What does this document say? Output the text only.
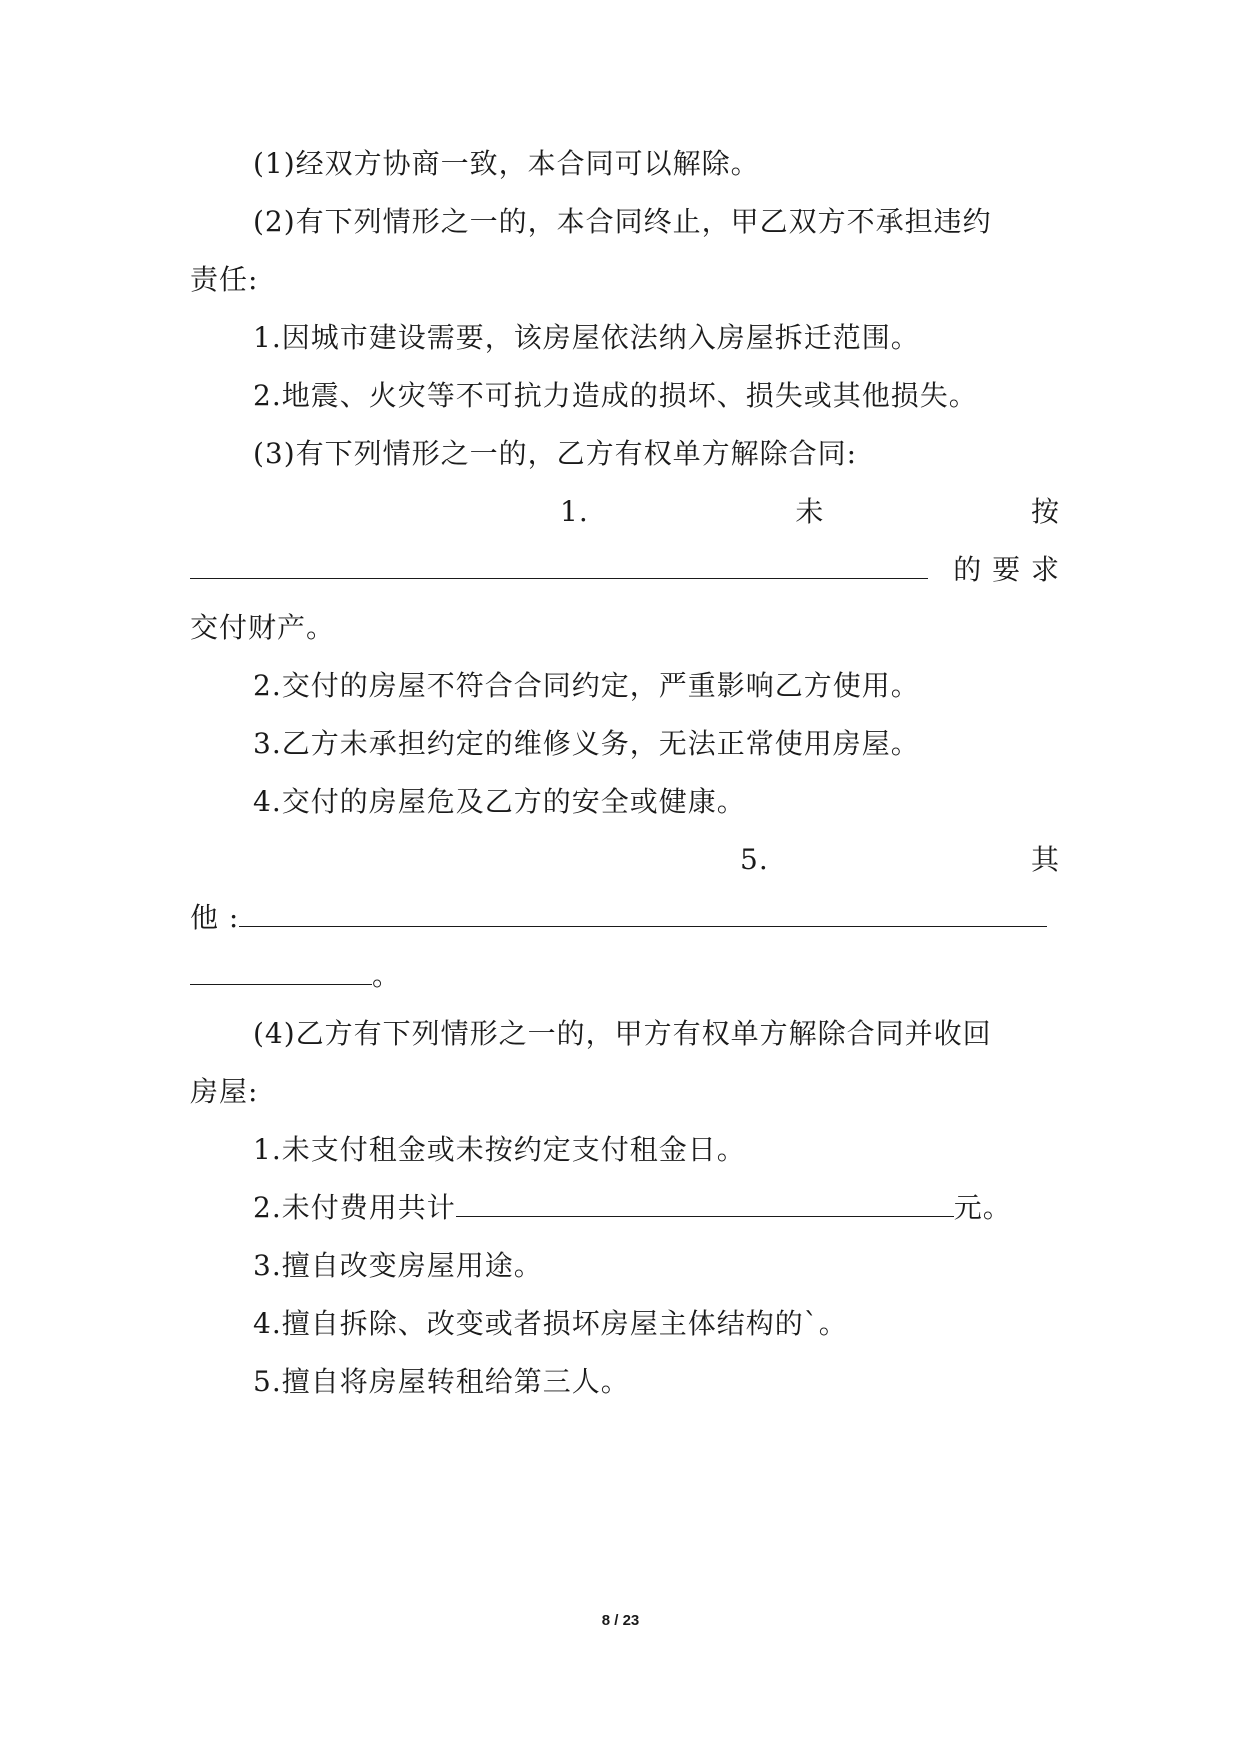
(1)经双方协商一致，本合同可以解除。
(2)有下列情形之一的，本合同终止，甲乙双方不承担违约
责任:
1.因城市建设需要，该房屋依法纳入房屋拆迁范围。
2.地震、火灾等不可抗力造成的损坏、损失或其他损失。
(3)有下列情形之一的，乙方有权单方解除合同:
1.	未	按
的 要 求
交付财产。
2.交付的房屋不符合合同约定，严重影响乙方使用。
3.乙方未承担约定的维修义务，无法正常使用房屋。
4.交付的房屋危及乙方的安全或健康。
5.	其
他 :
。
(4)乙方有下列情形之一的，甲方有权单方解除合同并收回
房屋:
1.未支付租金或未按约定支付租金日。
2.未付费用共计	元。
3.擅自改变房屋用途。
4.擅自拆除、改变或者损坏房屋主体结构的`。
5.擅自将房屋转租给第三人。
8 / 23
